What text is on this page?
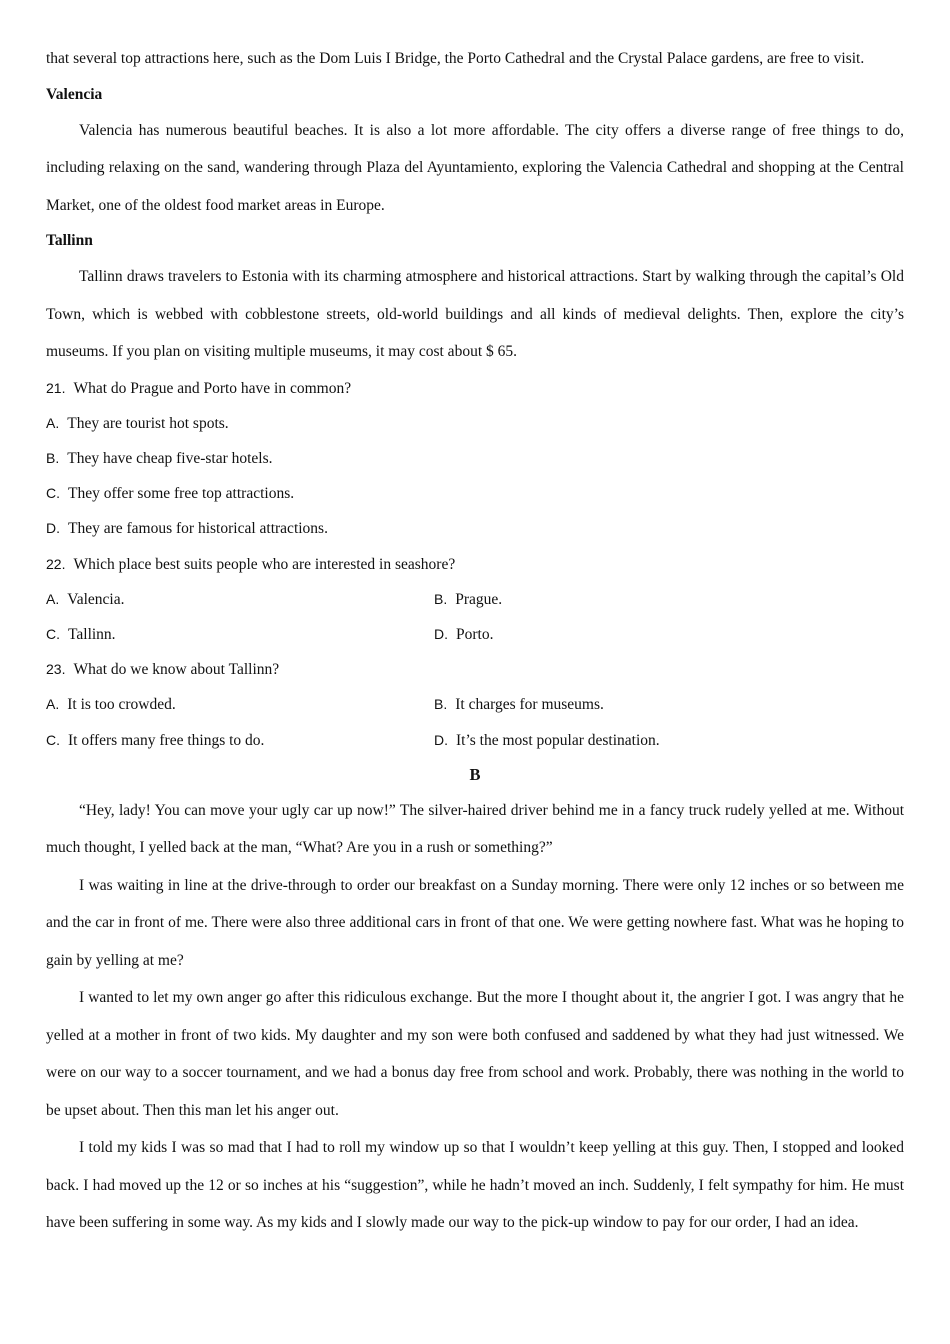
that several top attractions here, such as the Dom Luis I Bridge, the Porto Cathedral and the Crystal Palace gardens, are free to visit.

Valencia

Valencia has numerous beautiful beaches. It is also a lot more affordable. The city offers a diverse range of free things to do, including relaxing on the sand, wandering through Plaza del Ayuntamiento, exploring the Valencia Cathedral and shopping at the Central Market, one of the oldest food market areas in Europe.

Tallinn

Tallinn draws travelers to Estonia with its charming atmosphere and historical attractions. Start by walking through the capital’s Old Town, which is webbed with cobblestone streets, old-world buildings and all kinds of medieval delights. Then, explore the city’s museums. If you plan on visiting multiple museums, it may cost about $ 65.

21. What do Prague and Porto have in common?
A. They are tourist hot spots.
B. They have cheap five-star hotels.
C. They offer some free top attractions.
D. They are famous for historical attractions.
22. Which place best suits people who are interested in seashore?
A. Valencia.	B. Prague.
C. Tallinn.	D. Porto.
23. What do we know about Tallinn?
A. It is too crowded.	B. It charges for museums.
C. It offers many free things to do.	D. It’s the most popular destination.

B

“Hey, lady! You can move your ugly car up now!” The silver-haired driver behind me in a fancy truck rudely yelled at me. Without much thought, I yelled back at the man, “What? Are you in a rush or something?”

I was waiting in line at the drive-through to order our breakfast on a Sunday morning. There were only 12 inches or so between me and the car in front of me. There were also three additional cars in front of that one. We were getting nowhere fast. What was he hoping to gain by yelling at me?

I wanted to let my own anger go after this ridiculous exchange. But the more I thought about it, the angrier I got. I was angry that he yelled at a mother in front of two kids. My daughter and my son were both confused and saddened by what they had just witnessed. We were on our way to a soccer tournament, and we had a bonus day free from school and work. Probably, there was nothing in the world to be upset about. Then this man let his anger out.

I told my kids I was so mad that I had to roll my window up so that I wouldn’t keep yelling at this guy. Then, I stopped and looked back. I had moved up the 12 or so inches at his “suggestion”, while he hadn’t moved an inch. Suddenly, I felt sympathy for him. He must have been suffering in some way. As my kids and I slowly made our way to the pick-up window to pay for our order, I had an idea.
